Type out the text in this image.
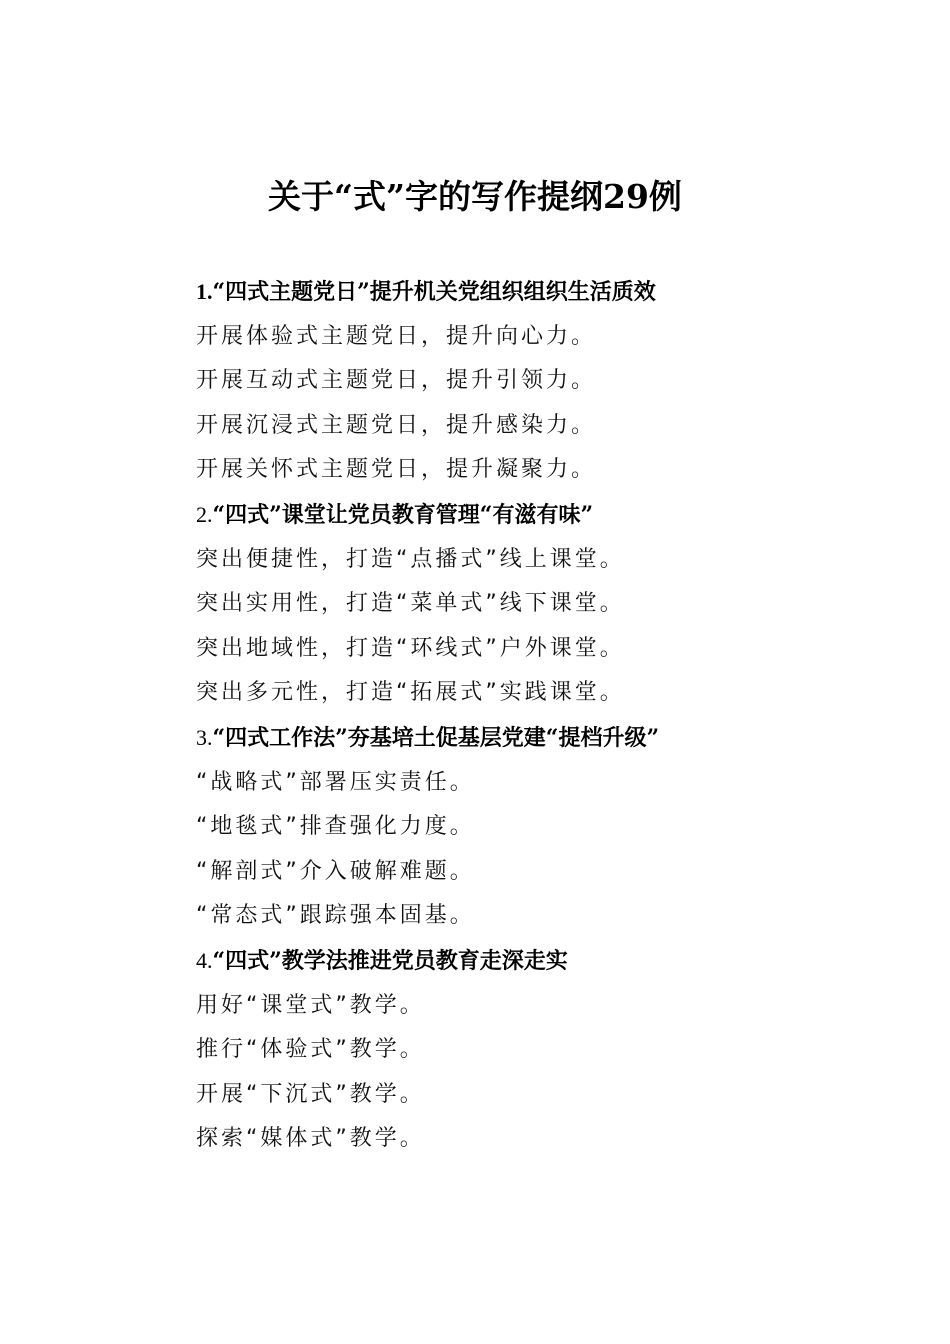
关于“式”字的写作提纲29例
1.“四式主题党日”提升机关党组织组织生活质效
开展体验式主题党日，提升向心力。
开展互动式主题党日，提升引领力。
开展沉浸式主题党日，提升感染力。
开展关怀式主题党日，提升凝聚力。
2.“四式”课堂让党员教育管理“有滋有味”
突出便捷性，打造“点播式”线上课堂。
突出实用性，打造“菜单式”线下课堂。
突出地域性，打造“环线式”户外课堂。
突出多元性，打造“拓展式”实践课堂。
3.“四式工作法”夯基培土促基层党建“提档升级”
“战略式”部署压实责任。
“地毯式”排查强化力度。
“解剖式”介入破解难题。
“常态式”跟踪强本固基。
4.“四式”教学法推进党员教育走深走实
用好“课堂式”教学。
推行“体验式”教学。
开展“下沉式”教学。
探索“媒体式”教学。
